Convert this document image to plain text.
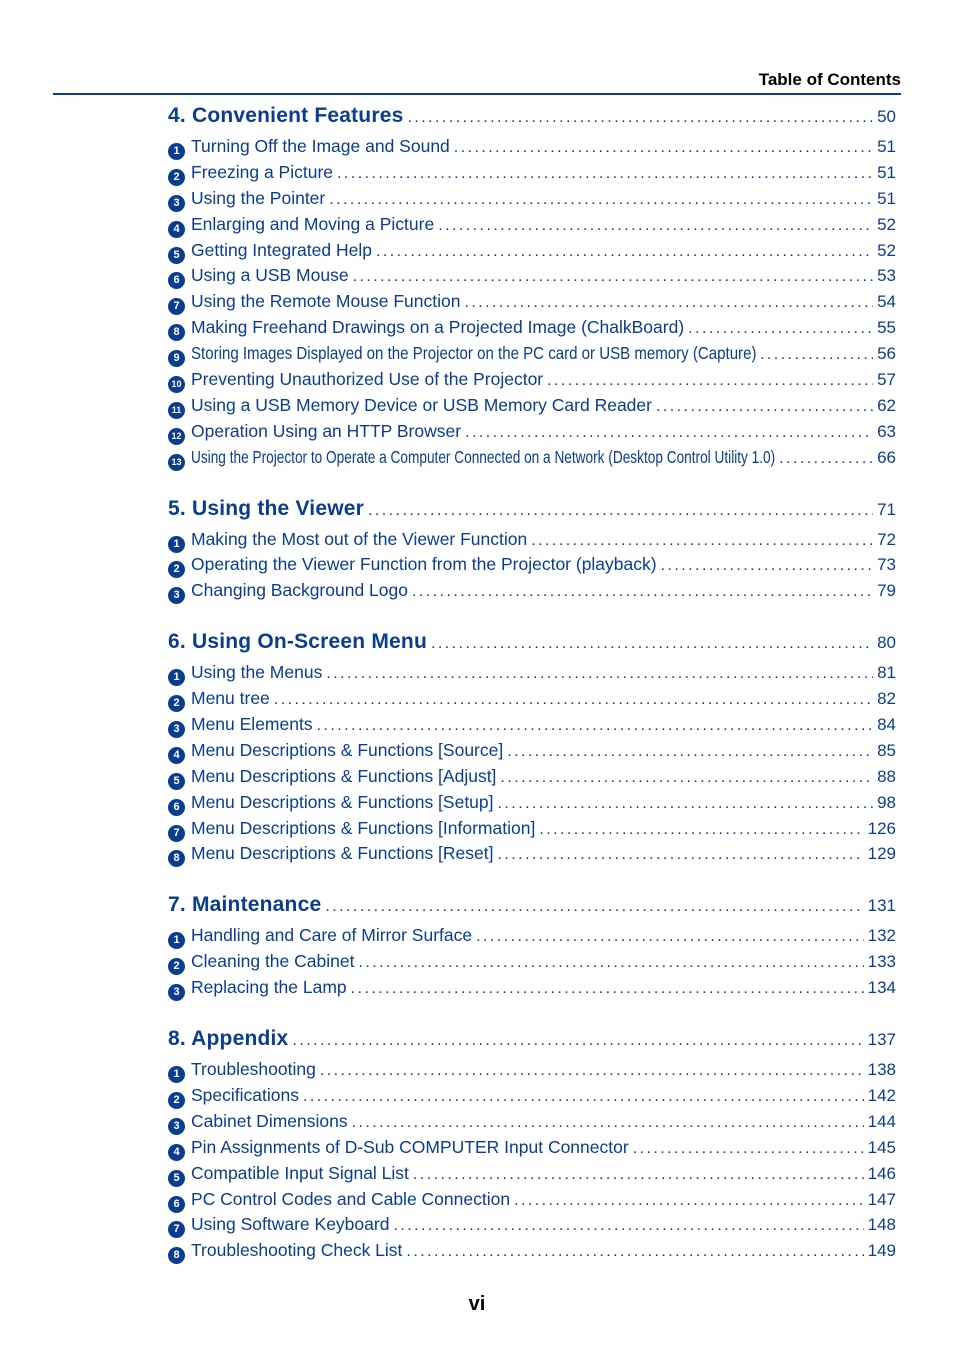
Table of Contents
4. Convenient Features . . .	50
1 Turning Off the Image and Sound . . .	51
2 Freezing a Picture . . .	51
3 Using the Pointer . . .	51
4 Enlarging and Moving a Picture . . .	52
5 Getting Integrated Help . . .	52
6 Using a USB Mouse . . .	53
7 Using the Remote Mouse Function . . .	54
8 Making Freehand Drawings on a Projected Image (ChalkBoard) . . .	55
9 Storing Images Displayed on the Projector on the PC card or USB memory (Capture) . . .	56
10 Preventing Unauthorized Use of the Projector . . .	57
11 Using a USB Memory Device or USB Memory Card Reader . . .	62
12 Operation Using an HTTP Browser . . .	63
13 Using the Projector to Operate a Computer Connected on a Network (Desktop Control Utility 1.0) . . .	66
5. Using the Viewer . . .	71
1 Making the Most out of the Viewer Function . . .	72
2 Operating the Viewer Function from the Projector (playback) . . .	73
3 Changing Background Logo . . .	79
6. Using On-Screen Menu . . .	80
1 Using the Menus . . .	81
2 Menu tree . . .	82
3 Menu Elements . . .	84
4 Menu Descriptions & Functions [Source] . . .	85
5 Menu Descriptions & Functions [Adjust] . . .	88
6 Menu Descriptions & Functions [Setup] . . .	98
7 Menu Descriptions & Functions [Information] . . .	126
8 Menu Descriptions & Functions [Reset] . . .	129
7. Maintenance . . .	131
1 Handling and Care of Mirror Surface . . .	132
2 Cleaning the Cabinet . . .	133
3 Replacing the Lamp . . .	134
8. Appendix . . .	137
1 Troubleshooting . . .	138
2 Specifications . . .	142
3 Cabinet Dimensions . . .	144
4 Pin Assignments of D-Sub COMPUTER Input Connector . . .	145
5 Compatible Input Signal List . . .	146
6 PC Control Codes and Cable Connection . . .	147
7 Using Software Keyboard . . .	148
8 Troubleshooting Check List . . .	149
vi
